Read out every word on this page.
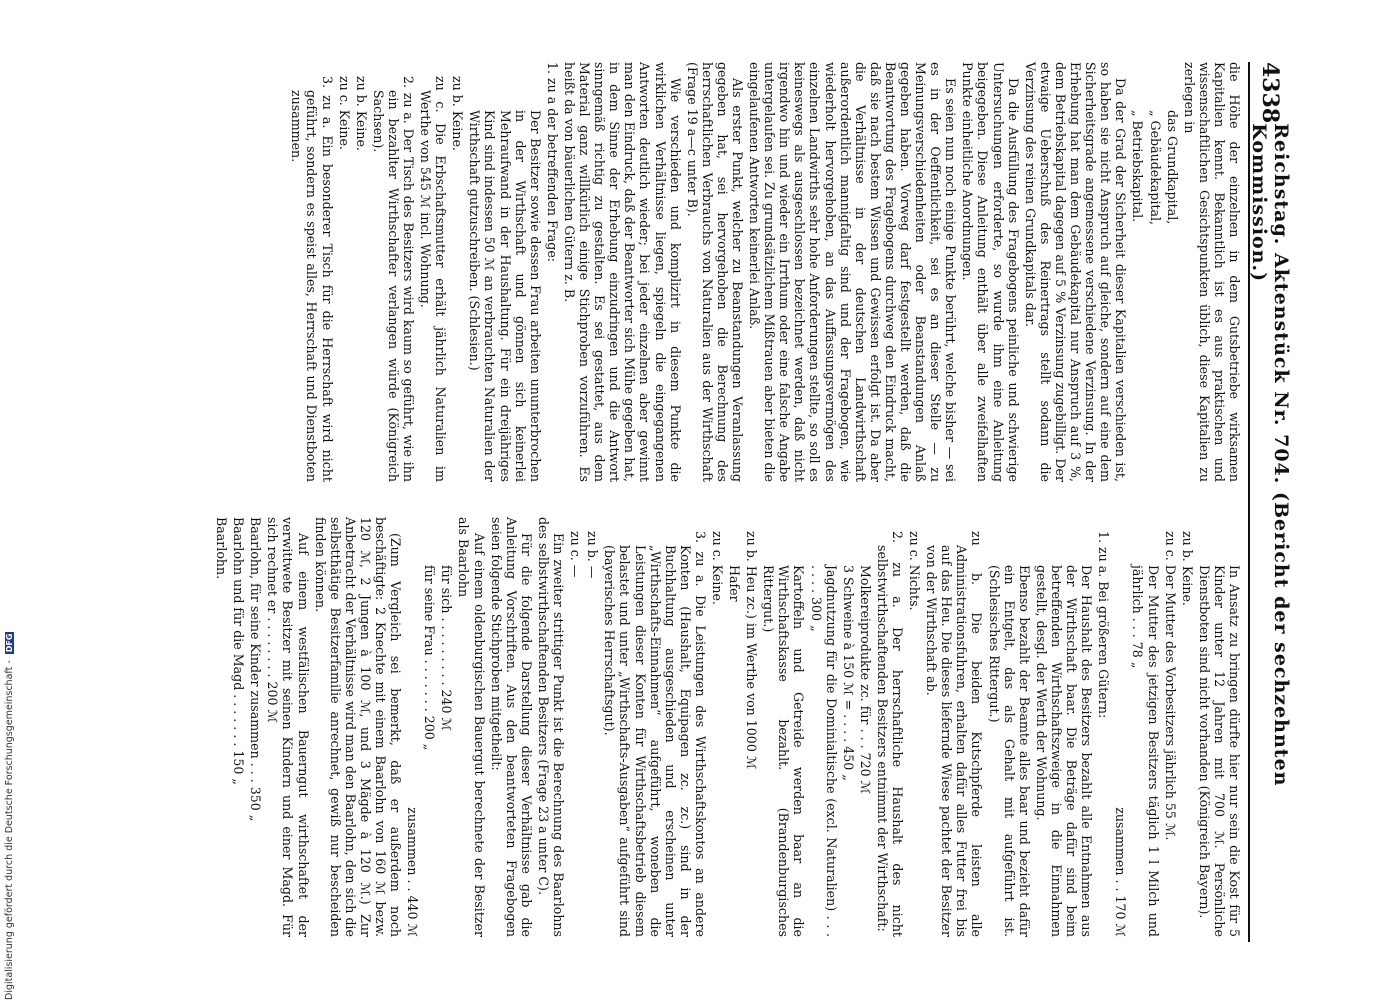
4338
Reichstag. Aktenstück Nr. 704. (Bericht der sechzehnten Kommission.)

die Höhe der einzelnen in dem Gutsbetriebe wirksamen Kapitalien kennt. Bekanntlich ist es aus praktischen und wissenschaftlichen Gesichtspunkten üblich, diese Kapitalien zu zerlegen in

das Grundkapital,

„ Gebäudekapital,

„ Betriebskapital.

Da der Grad der Sicherheit dieser Kapitalien verschieden ist, so haben sie nicht Anspruch auf gleiche, sondern auf eine dem Sicherheitsgrade angemessene verschiedene Verzinsung. In der Erhebung hat man dem Gebäudekapital nur Anspruch auf 3 %, dem Betriebskapital dagegen auf 5 % Verzinsung zugebilligt. Der etwaige Ueberschuß des Reinertrags stellt sodann die Verzinsung des reinen Grundkapitals dar.

Da die Ausfüllung des Fragebogens peinliche und schwierige Untersuchungen erforderte, so wurde ihm eine Anleitung beigegeben. Diese Anleitung enthält über alle zweifelhaften Punkte einheitliche Anordnungen.

Es seien nun noch einige Punkte berührt, welche bisher — sei es in der Oeffentlichkeit, sei es an dieser Stelle — zu Meinungsverschiedenheiten oder Beanstandungen Anlaß gegeben haben. Vorweg darf festgestellt werden, daß die Beantwortung des Fragebogens durchweg den Eindruck macht, daß sie nach bestem Wissen und Gewissen erfolgt ist. Da aber die Verhältnisse in der deutschen Landwirthschaft außerordentlich mannigfaltig sind und der Fragebogen, wie wiederholt hervorgehoben, an das Auffassungsvermögen des einzelnen Landwirths sehr hohe Anforderungen stellte, so soll es keineswegs als ausgeschlossen bezeichnet werden, daß nicht irgendwo hin und wieder ein Irrthum oder eine falsche Angabe untergelaufen sei. Zu grundsätzlichem Mißtrauen aber bieten die eingelaufenen Antworten keinerlei Anlaß.

Als erster Punkt, welcher zu Beanstandungen Veranlassung gegeben hat, sei hervorgehoben die Berechnung des herrschaftlichen Verbrauchs von Naturalien aus der Wirthschaft (Frage 19 a—c unter B).

Wie verschieden und komplizirt in diesem Punkte die wirklichen Verhältnisse liegen, spiegeln die eingegangenen Antworten deutlich wieder; bei jeder einzelnen aber gewinnt man den Eindruck, daß der Beantworter sich Mühe gegeben hat, in dem Sinne der Erhebung einzudringen und die Antwort sinngemäß richtig zu gestalten. Es sei gestattet, aus dem Material ganz willkürlich einige Stichproben vorzuführen. Es heißt da von bäuerlichen Gütern z. B.

1. zu a der betreffenden Frage:

Der Besitzer sowie dessen Frau arbeiten ununterbrochen in der Wirthschaft und gönnen sich keinerlei Mehraufwand in der Haushaltung. Für ein dreijähriges Kind sind indessen 50 ℳ an verbrauchten Naturalien der Wirthschaft gutzuschreiben. (Schlesien.)

zu b. Keine.

zu c. Die Erbschaftsmutter erhält jährlich Naturalien im Werthe von 545 ℳ incl. Wohnung.

2. zu a. Der Tisch des Besitzers wird kaum so geführt, wie ihn ein bezahlter Wirthschafter verlangen würde (Königreich Sachsen).

zu b. Keine.

zu c. Keine.

3. zu a. Ein besonderer Tisch für die Herrschaft wird nicht geführt, sondern es speist alles, Herrschaft und Dienstboten zusammen.

In Ansatz zu bringen dürfte hier nur sein die Kost für 5 Kinder unter 12 Jahren mit 700 ℳ. Persönliche Dienstboten sind nicht vorhanden (Königreich Bayern).

zu b. Keine.

zu c. Der Mutter des Vorbesitzers jährlich 55 ℳ.

Der Mutter des jetzigen Besitzers täglich 1 l Milch und jährlich . . . 78 „

zusammen . . 170 ℳ

1. zu a. Bei größeren Gütern:

Der Haushalt des Besitzers bezahlt alle Entnahmen aus der Wirthschaft baar. Die Beträge dafür sind beim betreffenden Wirthschaftszweige in die Einnahmen gestellt, desgl. der Werth der Wohnung.

Ebenso bezahlt der Beamte alles baar und bezieht dafür ein Entgelt, das als Gehalt mit aufgeführt ist. (Schlesisches Rittergut.)

zu b. Die beiden Kutschpferde leisten alle Administrationsfuhren, erhalten dafür alles Futter frei bis auf das Heu. Die dieses liefernde Wiese pachtet der Besitzer von der Wirthschaft ab.

zu c. Nichts.

2. zu a. Der herrschaftliche Haushalt des nicht selbstwirthschaftenden Besitzers entnimmt der Wirthschaft:

Molkereiprodukte zc. für . . . 720 ℳ

3 Schweine à 150 ℳ = . . . . 450 „

Jagdnutzung für die Dominialtische (excl. Naturalien) . . . . . . . 300 „

Kartoffeln und Getreide werden baar an die Wirthschaftskasse bezahlt. (Brandenburgisches Rittergut.)

zu b. Heu zc.) im Werthe von 1000 ℳ

Hafer

zu c. Keine.

3. zu a. Die Leistungen des Wirthschaftskontos an andere Konten (Haushalt, Equipagen zc. zc.) sind in der Buchhaltung ausgeschieden und erscheinen unter „Wirthschafts-Einnahmen“ aufgeführt, woneben die Leistungen dieser Konten für Wirthschaftsbetrieb diesem belastet und unter „Wirthschafts-Ausgaben“ aufgeführt sind (bayerisches Herrschaftsgut).

zu b. —

zu c. —

Ein zweiter strittiger Punkt ist die Berechnung des Baarlohns des selbstwirthschaftenden Besitzers (Frage 23 a unter C).

Für die folgende Darstellung dieser Verhältnisse gab die Anleitung Vorschriften. Aus den beantworteten Fragebogen seien folgende Stichproben mitgetheilt:

Auf einem oldenburgischen Bauergut berechnete der Besitzer als Baarlohn

für sich . . . . . . . . . 240 ℳ

für seine Frau . . . . . . . 200 „

zusammen . . 440 ℳ

(Zum Vergleich sei bemerkt, daß er außerdem noch beschäftigte: 2 Knechte mit einem Baarlohn von 160 ℳ bezw. 120 ℳ, 2 Jungen à 100 ℳ, und 3 Mägde à 120 ℳ.) Zur Anbetracht der Verhältnisse wird man den Baarlohn, den sich die selbstthätige Besitzerfamilie anrechnet, gewiß nur bescheiden finden können.

Auf einem westfälischen Bauerngut wirthschaftet der verwittwete Besitzer mit seinen Kindern und einer Magd. Für sich rechnet er . . . . . . . . 200 ℳ

Baarlohn, für seine Kinder zusammen . . . 350 „

Baarlohn und für die Magd . . . . . . . 150 „

Baarlohn.

Digitalisierung gefördert durch die Deutsche Forschungsgemeinschaft -
DFG
